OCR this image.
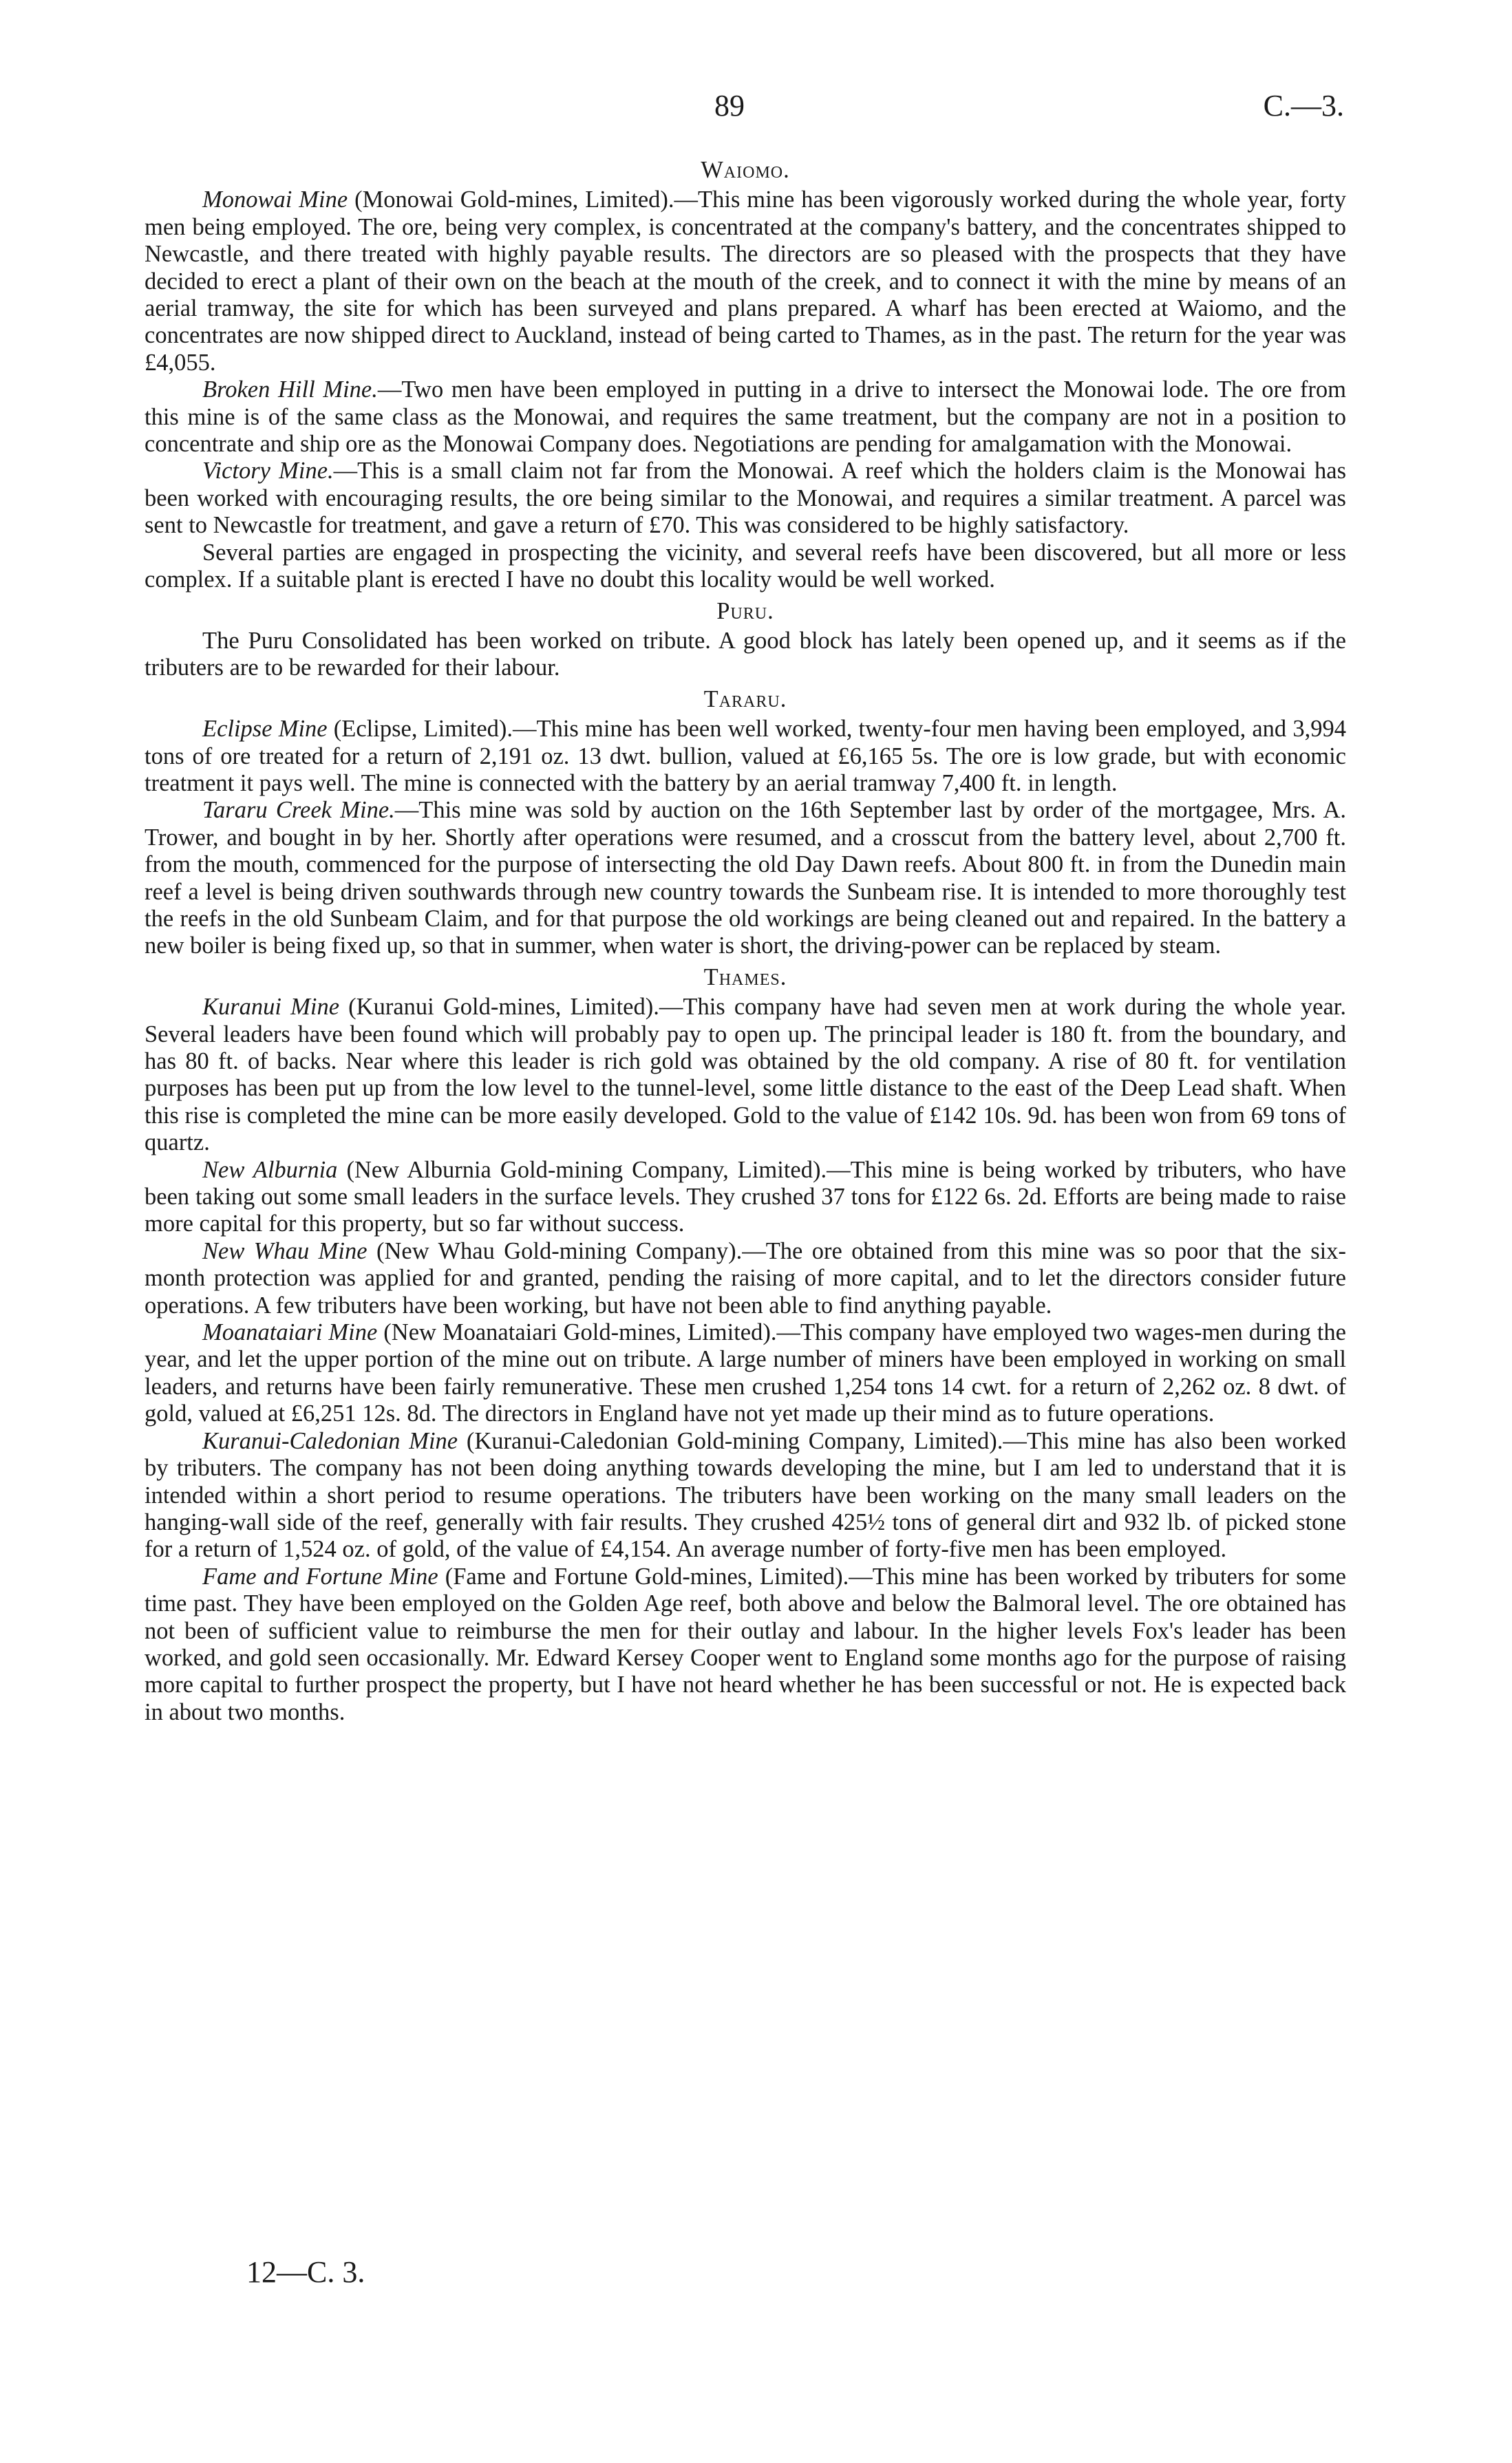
89	C.—3.
Waiomo.

Monowai Mine (Monowai Gold-mines, Limited).—This mine has been vigorously worked during the whole year, forty men being employed. The ore, being very complex, is concentrated at the company's battery, and the concentrates shipped to Newcastle, and there treated with highly payable results. The directors are so pleased with the prospects that they have decided to erect a plant of their own on the beach at the mouth of the creek, and to connect it with the mine by means of an aerial tramway, the site for which has been surveyed and plans prepared. A wharf has been erected at Waiomo, and the concentrates are now shipped direct to Auckland, instead of being carted to Thames, as in the past. The return for the year was £4,055.

Broken Hill Mine.—Two men have been employed in putting in a drive to intersect the Monowai lode. The ore from this mine is of the same class as the Monowai, and requires the same treatment, but the company are not in a position to concentrate and ship ore as the Monowai Company does. Negotiations are pending for amalgamation with the Monowai.

Victory Mine.—This is a small claim not far from the Monowai. A reef which the holders claim is the Monowai has been worked with encouraging results, the ore being similar to the Monowai, and requires a similar treatment. A parcel was sent to Newcastle for treatment, and gave a return of £70. This was considered to be highly satisfactory.

Several parties are engaged in prospecting the vicinity, and several reefs have been discovered, but all more or less complex. If a suitable plant is erected I have no doubt this locality would be well worked.

Puru.

The Puru Consolidated has been worked on tribute. A good block has lately been opened up, and it seems as if the tributers are to be rewarded for their labour.

Tararu.

Eclipse Mine (Eclipse, Limited).—This mine has been well worked, twenty-four men having been employed, and 3,994 tons of ore treated for a return of 2,191 oz. 13 dwt. bullion, valued at £6,165 5s. The ore is low grade, but with economic treatment it pays well. The mine is connected with the battery by an aerial tramway 7,400 ft. in length.

Tararu Creek Mine.—This mine was sold by auction on the 16th September last by order of the mortgagee, Mrs. A. Trower, and bought in by her. Shortly after operations were resumed, and a crosscut from the battery level, about 2,700 ft. from the mouth, commenced for the purpose of intersecting the old Day Dawn reefs. About 800 ft. in from the Dunedin main reef a level is being driven southwards through new country towards the Sunbeam rise. It is intended to more thoroughly test the reefs in the old Sunbeam Claim, and for that purpose the old workings are being cleaned out and repaired. In the battery a new boiler is being fixed up, so that in summer, when water is short, the driving-power can be replaced by steam.

Thames.

Kuranui Mine (Kuranui Gold-mines, Limited).—This company have had seven men at work during the whole year. Several leaders have been found which will probably pay to open up. The principal leader is 180 ft. from the boundary, and has 80 ft. of backs. Near where this leader is rich gold was obtained by the old company. A rise of 80 ft. for ventilation purposes has been put up from the low level to the tunnel-level, some little distance to the east of the Deep Lead shaft. When this rise is completed the mine can be more easily developed. Gold to the value of £142 10s. 9d. has been won from 69 tons of quartz.

New Alburnia (New Alburnia Gold-mining Company, Limited).—This mine is being worked by tributers, who have been taking out some small leaders in the surface levels. They crushed 37 tons for £122 6s. 2d. Efforts are being made to raise more capital for this property, but so far without success.

New Whau Mine (New Whau Gold-mining Company).—The ore obtained from this mine was so poor that the six-month protection was applied for and granted, pending the raising of more capital, and to let the directors consider future operations. A few tributers have been working, but have not been able to find anything payable.

Moanataiari Mine (New Moanataiari Gold-mines, Limited).—This company have employed two wages-men during the year, and let the upper portion of the mine out on tribute. A large number of miners have been employed in working on small leaders, and returns have been fairly remunerative. These men crushed 1,254 tons 14 cwt. for a return of 2,262 oz. 8 dwt. of gold, valued at £6,251 12s. 8d. The directors in England have not yet made up their mind as to future operations.

Kuranui-Caledonian Mine (Kuranui-Caledonian Gold-mining Company, Limited).—This mine has also been worked by tributers. The company has not been doing anything towards developing the mine, but I am led to understand that it is intended within a short period to resume operations. The tributers have been working on the many small leaders on the hanging-wall side of the reef, generally with fair results. They crushed 425½ tons of general dirt and 932 lb. of picked stone for a return of 1,524 oz. of gold, of the value of £4,154. An average number of forty-five men has been employed.

Fame and Fortune Mine (Fame and Fortune Gold-mines, Limited).—This mine has been worked by tributers for some time past. They have been employed on the Golden Age reef, both above and below the Balmoral level. The ore obtained has not been of sufficient value to reimburse the men for their outlay and labour. In the higher levels Fox's leader has been worked, and gold seen occasionally. Mr. Edward Kersey Cooper went to England some months ago for the purpose of raising more capital to further prospect the property, but I have not heard whether he has been successful or not. He is expected back in about two months.

12—C. 3.
